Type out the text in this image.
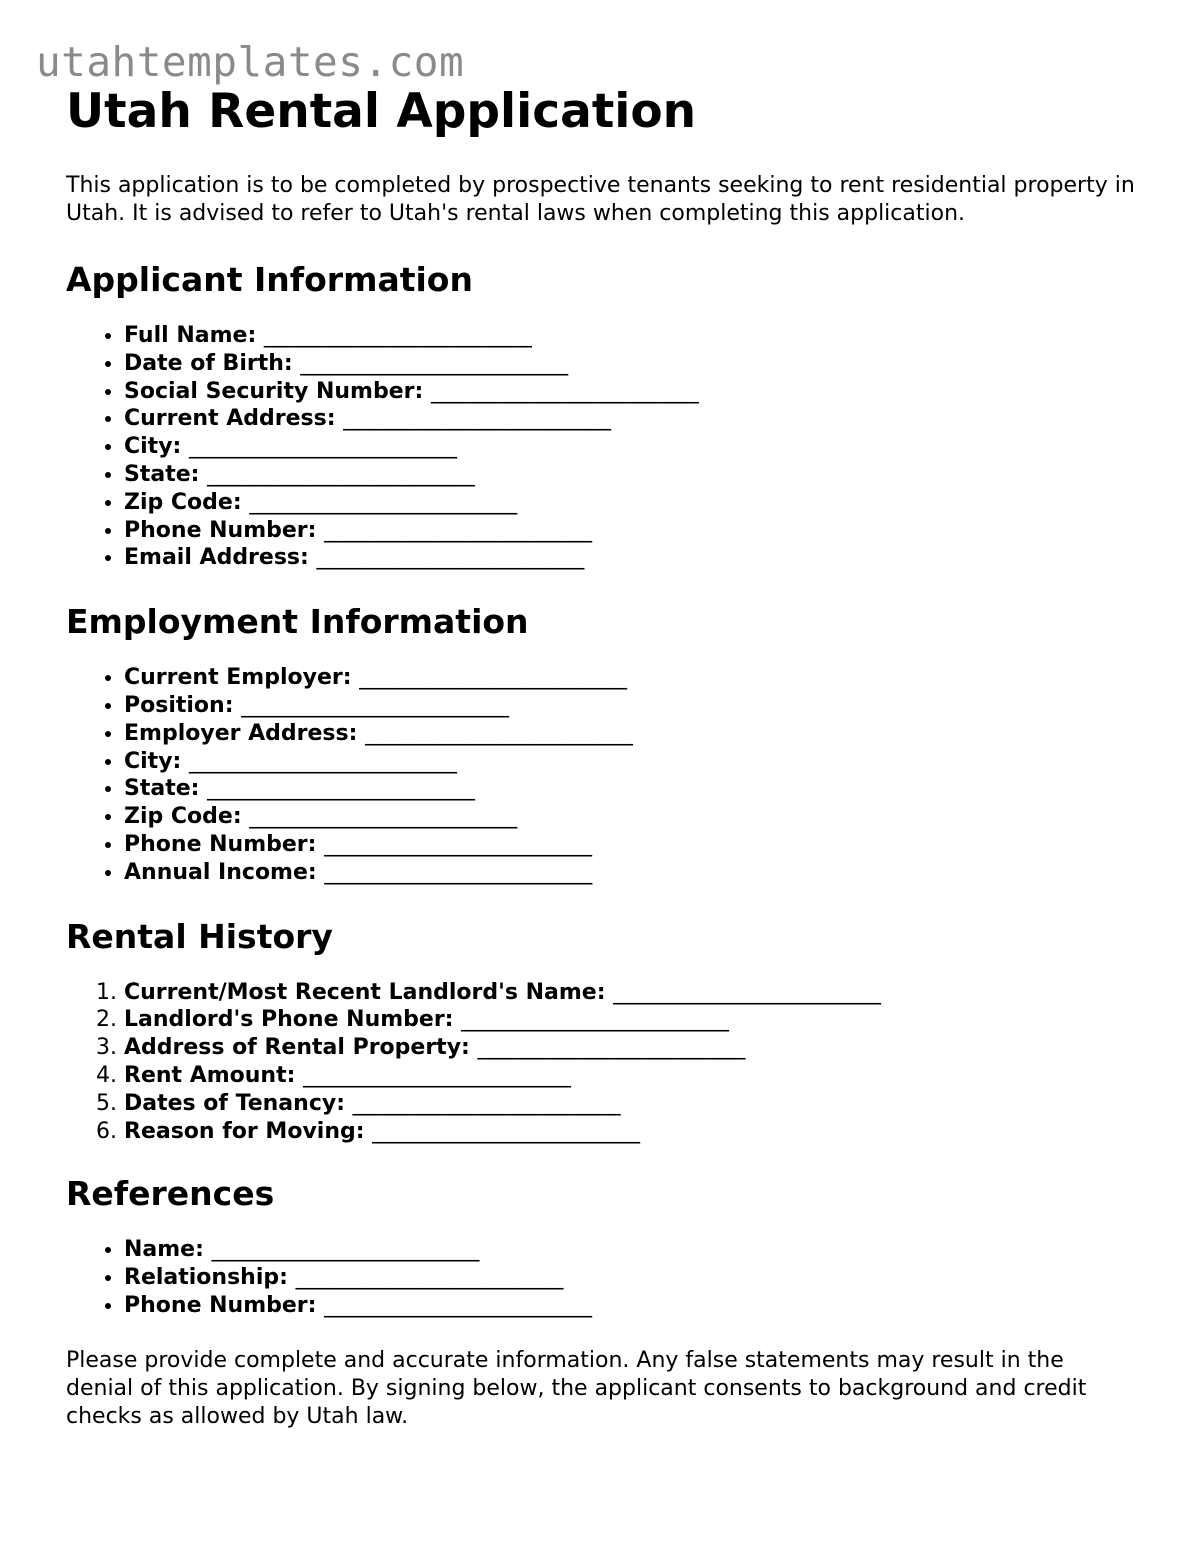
utahtemplates.com
Utah Rental Application

This application is to be completed by prospective tenants seeking to rent residential property in Utah. It is advised to refer to Utah's rental laws when completing this application.

Applicant Information
• Full Name: _________________________
• Date of Birth: _________________________
• Social Security Number: _________________________
• Current Address: _________________________
• City: _________________________
• State: _________________________
• Zip Code: _________________________
• Phone Number: _________________________
• Email Address: _________________________
Employment Information
• Current Employer: _________________________
• Position: _________________________
• Employer Address: _________________________
• City: _________________________
• State: _________________________
• Zip Code: _________________________
• Phone Number: _________________________
• Annual Income: _________________________
Rental History
1. Current/Most Recent Landlord's Name: _________________________
2. Landlord's Phone Number: _________________________
3. Address of Rental Property: _________________________
4. Rent Amount: _________________________
5. Dates of Tenancy: _________________________
6. Reason for Moving: _________________________
References
• Name: _________________________
• Relationship: _________________________
• Phone Number: _________________________

Please provide complete and accurate information. Any false statements may result in the denial of this application. By signing below, the applicant consents to background and credit checks as allowed by Utah law.
